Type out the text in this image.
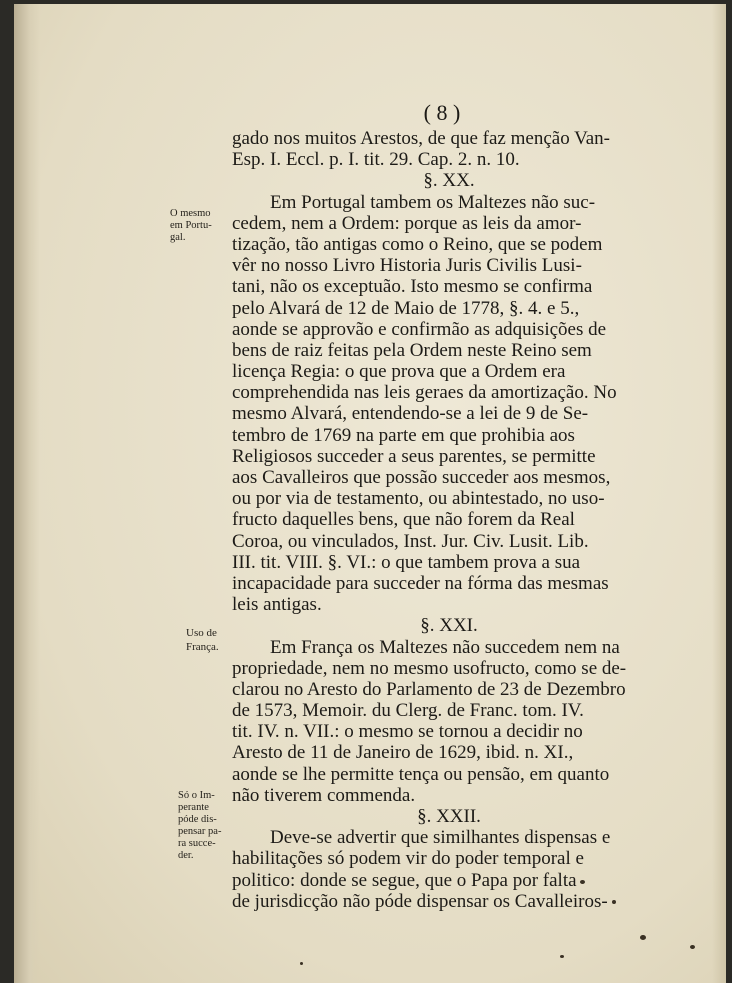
( 8 )
gado nos muitos Arestos, de que faz menção Van-
Esp. I. Eccl. p. I. tit. 29. Cap. 2. n. 10.
§. XX.
Em Portugal tambem os Maltezes não suc-
cedem, nem a Ordem: porque as leis da amor-
tização, tão antigas como o Reino, que se podem
vêr no nosso Livro Historia Juris Civilis Lusi-
tani, não os exceptuão. Isto mesmo se confirma
pelo Alvará de 12 de Maio de 1778, §. 4. e 5.,
aonde se approvão e confirmão as adquisições de
bens de raiz feitas pela Ordem neste Reino sem
licença Regia: o que prova que a Ordem era
comprehendida nas leis geraes da amortização. No
mesmo Alvará, entendendo-se a lei de 9 de Se-
tembro de 1769 na parte em que prohibia aos
Religiosos succeder a seus parentes, se permitte
aos Cavalleiros que possão succeder aos mesmos,
ou por via de testamento, ou abintestado, no uso-
fructo daquelles bens, que não forem da Real
Coroa, ou vinculados, Inst. Jur. Civ. Lusit. Lib.
III. tit. VIII. §. VI.: o que tambem prova a sua
incapacidade para succeder na fórma das mesmas
leis antigas.
§. XXI.
Em França os Maltezes não succedem nem na
propriedade, nem no mesmo usofructo, como se de-
clarou no Aresto do Parlamento de 23 de Dezembro
de 1573, Memoir. du Clerg. de Franc. tom. IV.
tit. IV. n. VII.: o mesmo se tornou a decidir no
Aresto de 11 de Janeiro de 1629, ibid. n. XI.,
aonde se lhe permitte tença ou pensão, em quanto
não tiverem commenda.
§. XXII.
Deve-se advertir que similhantes dispensas e
habilitações só podem vir do poder temporal e
politico: donde se segue, que o Papa por falta
de jurisdicção não póde dispensar os Cavalleiros-
O mesmo
em Portu-
gal.
Uso de
França.
Só o Im-
perante
póde dis-
pensar pa-
ra succe-
der.
